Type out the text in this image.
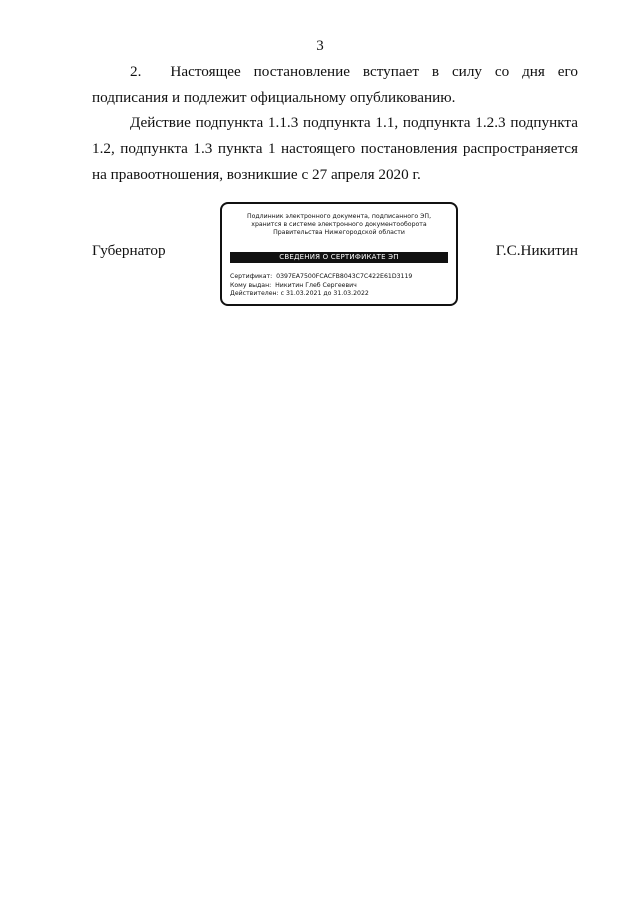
3
2. Настоящее постановление вступает в силу со дня его
подписания и подлежит официальному опубликованию.
Действие подпункта 1.1.3 подпункта 1.1, подпункта 1.2.3 подпункта
1.2, подпункта 1.3 пункта 1 настоящего постановления распространяется
на правоотношения, возникшие с 27 апреля 2020 г.
Губернатор	Г.С.Никитин
Подлинник электронного документа, подписанного ЭП,
хранится в системе электронного документооборота
Правительства Нижегородской области
СВЕДЕНИЯ О СЕРТИФИКАТЕ ЭП
Сертификат: 0397EA7500FCACFB8043C7C422E61D3119
Кому выдан: Никитин Глеб Сергеевич
Действителен: с 31.03.2021 до 31.03.2022
